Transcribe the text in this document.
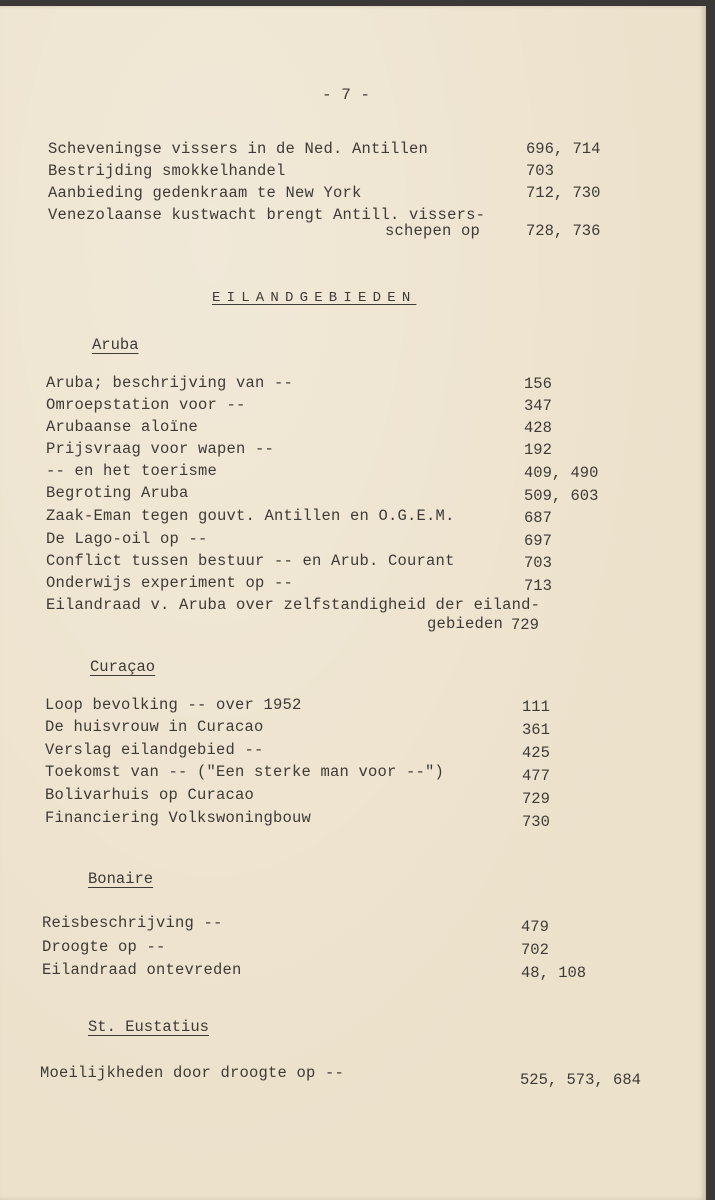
- 7 -
Scheveningse vissers in de Ned. Antillen	696, 714
Bestrijding smokkelhandel	703
Aanbieding gedenkraam te New York	712, 730
Venezolaanse kustwacht brengt Antill. vissers-
schepen op	728, 736
EILANDGEBIEDEN
Aruba
Aruba; beschrijving van --	156
Omroepstation voor --	347
Arubaanse aloïne	428
Prijsvraag voor wapen --	192
-- en het toerisme	409, 490
Begroting Aruba	509, 603
Zaak-Eman tegen gouvt. Antillen en O.G.E.M.	687
De Lago-oil op --	697
Conflict tussen bestuur -- en Arub. Courant	703
Onderwijs experiment op --	713
Eilandraad v. Aruba over zelfstandigheid der eiland-
gebieden 729
Curaçao
Loop bevolking -- over 1952	111
De huisvrouw in Curacao	361
Verslag eilandgebied --	425
Toekomst van -- ("Een sterke man voor --")	477
Bolivarhuis op Curacao	729
Financiering Volkswoningbouw	730
Bonaire
Reisbeschrijving --	479
Droogte op --	702
Eilandraad ontevreden	48, 108
St. Eustatius
Moeilijkheden door droogte op --	525, 573, 684
